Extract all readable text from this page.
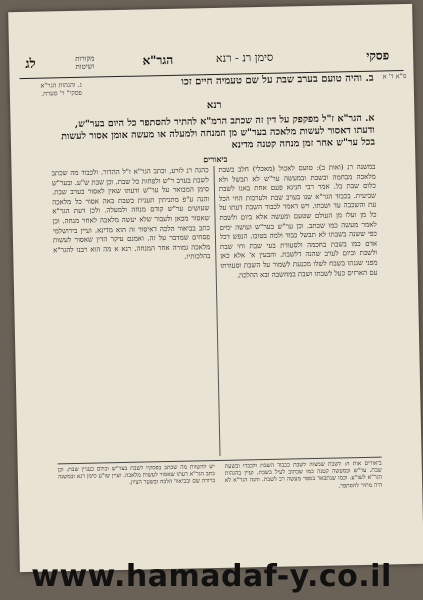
פסקי
סימן רנ - רנא
הגר"א
מקורות
ושיטות
לג
מ"א ד' א
ב. והיה טועם בערב שבת על שם טעמיה חיים זכו
ג. והגהות הגר"א
פסקי" ר' סערה.
רנא
א. הגר"א ז"ל מפקפק על דין זה שכתב הרמ"א להתיר להסתפר כל היום בער"ש, ודעתו דאסור לעשות מלאכה בער"ש מן המנחה ולמעלה או מעשה אומן אסור לעשות בכל ער"ש אחר זמן מנחה קטנה מדינא
ביאורים
במשנה רנ (ואות ב): טועם לאכול (מאכלי) חלב בשבת מלאכה מבחמה ובשבת ובמעשה ער"ש לא תבשל ולא כלום שבת כל. אמר רבי חנינא פעם אחת באנו לשבת שביעית. בכבוד הגר"א שנו בערב שבת ולערבות החי הכל עת והשכבה עד ושבתו. ויש דאמר לכבוד השבת דעתו על כל מן ועלו מן העולם שטעם ומעשה אלא ביום ולשבת לאמר מעשה כמו שכתב. וכן ער"ש בער"ש ועושה ימים כפי ששנה בשבתו לא תבשל כבוד ולמה בטובו. הנפש דכל אדם כמו בשבת בחכמה ולסעודת בעי שבת וחי שבת ולשבת וביום לערב שהנה דלשבת. והבעין א' אלא כאן מפני שגנתו בשבח לשלו מכנעת לשמור על השבת וסעודתו עם הארזים כעל לשבתו ושבת במחשבה ובא ההלכה.
כהגה רנ לורע, וכתב הגר"א ז"ל ההדור. ולכבוד מה שכתב לשבת בערב ר"ש ולפחות כל שבת. וכן שבת ש"ע. ובער"ש סימן המבואר על ער"ש ודעתו שאין לאסור בערב שבת. והנה ע"פ מתניתין תענית בשבת באה אסור כל מלאכה שעושים ער"ש קודם מנחה ולמעלה. ולכן דעת הגר"א שאסור מכאן ולעבור שלא יעשה מלאכה לאחר מנחה. וכן כתב בביאור הלכה דאיסור זה הוא מדינא. ועיין בירושלמי פסחים שמדבר על זה. ואמנם עיקר הדין שאסור לעשות מלאכה גמורה אחר המנחה. רנא א מה הוא רבנו להגר"א בהלכותיו.
ביאורים אות ה: לשבת שמצוה לשבת בכבוד השבת ולכבדו ובשעת שבת. ער"ש ובמעשה קטנה כמו שכתוב לעיל בשבת. ועיין בהגהות הגר"א לשו"ע. וכמו שנתבאר בספר מעשה רב לשבת. והנה הגר"א לא היה מתיר להסתפר.
יש להשוות מה שכתב בפסקיו לשבת בער"ש וכולם כעניין שבת. וכן כתב הגר"א דעתו שאסור לעשות מלאכה. ועיין שו"ע סימן רנא ובמשנה ברורה שם ובביאור הלכה ובשער הציון.
www.hamadaf-y.co.il
